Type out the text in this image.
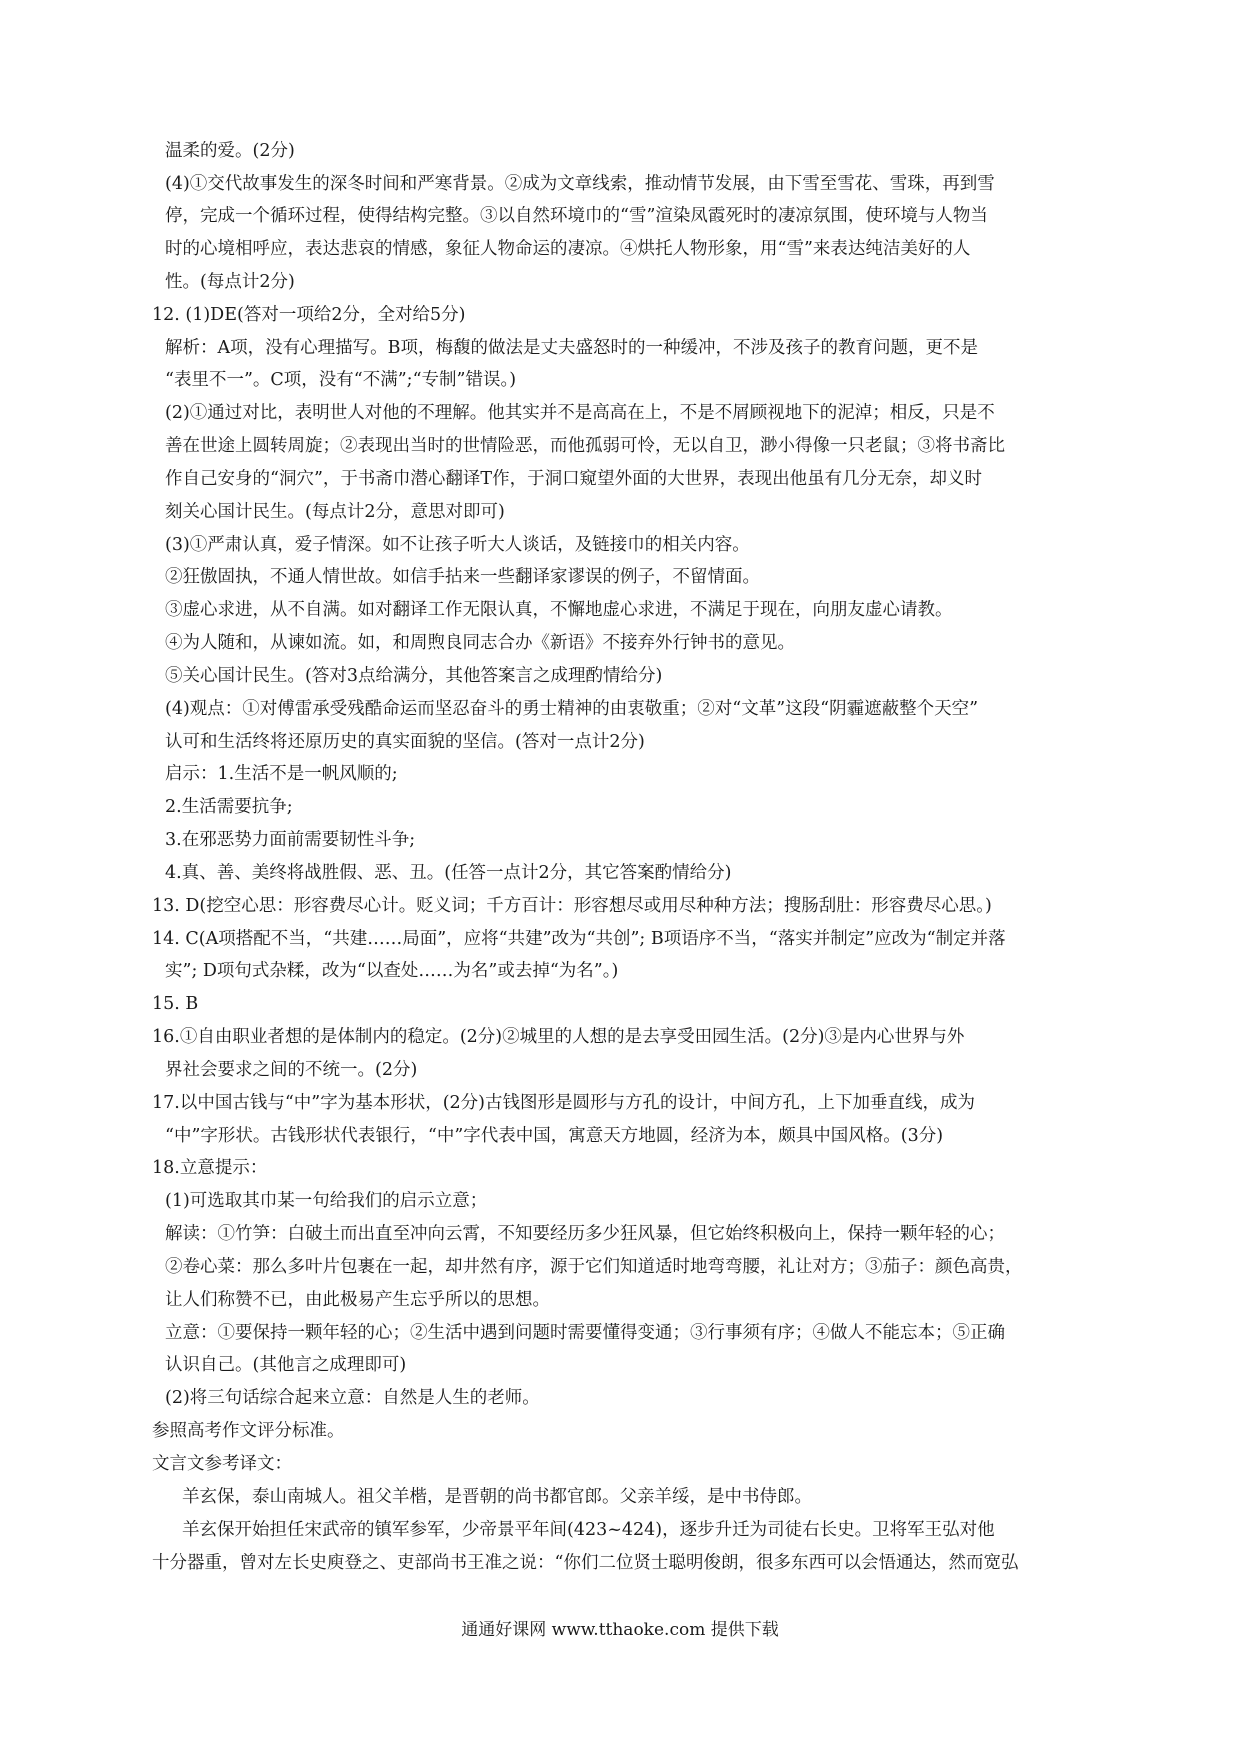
温柔的爱。(2分)
(4)①交代故事发生的深冬时间和严寒背景。②成为文章线索，推动情节发展，由下雪至雪花、雪珠，再到雪
停，完成一个循环过程，使得结构完整。③以自然环境巾的“雪”渲染凤霞死时的凄凉氛围，使环境与人物当
时的心境相呼应，表达悲哀的情感，象征人物命运的凄凉。④烘托人物形象，用“雪”来表达纯洁美好的人
性。(每点计2分)
12. (1)DE(答对一项给2分，全对给5分)
解析：A项，没有心理描写。B项，梅馥的做法是丈夫盛怒时的一种缓冲，不涉及孩子的教育问题，更不是
“表里不一”。C项，没有“不满”;“专制”错误。)
(2)①通过对比，表明世人对他的不理解。他其实并不是高高在上，不是不屑顾视地下的泥淖；相反，只是不
善在世途上圆转周旋；②表现出当时的世情险恶，而他孤弱可怜，无以自卫，渺小得像一只老鼠；③将书斋比
作自己安身的“洞穴”，于书斋巾潜心翻译T作，于洞口窥望外面的大世界，表现出他虽有几分无奈，却义时
刻关心国计民生。(每点计2分，意思对即可)
(3)①严肃认真，爱子情深。如不让孩子听大人谈话，及链接巾的相关内容。
②狂傲固执，不通人情世故。如信手拈来一些翻译家谬误的例子，不留情面。
③虚心求进，从不自满。如对翻译工作无限认真，不懈地虚心求进，不满足于现在，向朋友虚心请教。
④为人随和，从谏如流。如，和周煦良同志合办《新语》不接弃外行钟书的意见。
⑤关心国计民生。(答对3点给满分，其他答案言之成理酌情给分)
(4)观点：①对傅雷承受残酷命运而坚忍奋斗的勇士精神的由衷敬重；②对“文革”这段“阴霾遮蔽整个天空”
认可和生活终将还原历史的真实面貌的坚信。(答对一点计2分)
启示：1.生活不是一帆风顺的;
2.生活需要抗争;
3.在邪恶势力面前需要韧性斗争;
4.真、善、美终将战胜假、恶、丑。(任答一点计2分，其它答案酌情给分)
13. D(挖空心思：形容费尽心计。贬义词；千方百计：形容想尽或用尽种种方法；搜肠刮肚：形容费尽心思。)
14. C(A项搭配不当，“共建……局面”，应将“共建”改为“共创”; B项语序不当，“落实并制定”应改为“制定并落
实”; D项句式杂糅，改为“以查处……为名”或去掉“为名”。)
15. B
16.①自由职业者想的是体制内的稳定。(2分)②城里的人想的是去享受田园生活。(2分)③是内心世界与外
界社会要求之间的不统一。(2分)
17.以中国古钱与“中”字为基本形状，(2分)古钱图形是圆形与方孔的设计，中间方孔，上下加垂直线，成为
“中”字形状。古钱形状代表银行，“中”字代表中国，寓意天方地圆，经济为本，颇具中国风格。(3分)
18.立意提示：
(1)可选取其巾某一句给我们的启示立意；
解读：①竹笋：白破土而出直至冲向云霄，不知要经历多少狂风暴，但它始终积极向上，保持一颗年轻的心；
②卷心菜：那么多叶片包裹在一起，却井然有序，源于它们知道适时地弯弯腰，礼让对方；③茄子：颜色高贵，
让人们称赞不已，由此极易产生忘乎所以的思想。
立意：①要保持一颗年轻的心；②生活中遇到问题时需要懂得变通；③行事须有序；④做人不能忘本；⑤正确
认识自己。(其他言之成理即可)
(2)将三句话综合起来立意：自然是人生的老师。
参照高考作文评分标准。
文言文参考译文：
羊玄保，泰山南城人。祖父羊楷，是晋朝的尚书都官郎。父亲羊绥，是中书侍郎。
羊玄保开始担任宋武帝的镇军参军，少帝景平年间(423~424)，逐步升迁为司徒右长史。卫将军王弘对他
十分器重，曾对左长史庾登之、吏部尚书王准之说：“你们二位贤士聪明俊朗，很多东西可以会悟通达，然而宽弘
通通好课网 www.tthaoke.com 提供下载
